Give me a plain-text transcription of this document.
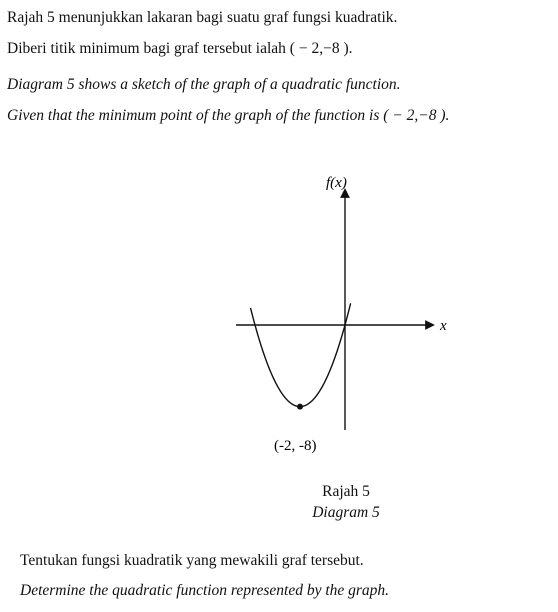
Rajah 5 menunjukkan lakaran bagi suatu graf fungsi kuadratik.
Diberi titik minimum bagi graf tersebut ialah ( − 2,−8 ).
Diagram 5 shows a sketch of the graph of a quadratic function.
Given that the minimum point of the graph of the function is ( − 2,−8 ).
f(x)
x
(-2, -8)
Rajah 5
Diagram 5
Tentukan fungsi kuadratik yang mewakili graf tersebut.
Determine the quadratic function represented by the graph.
